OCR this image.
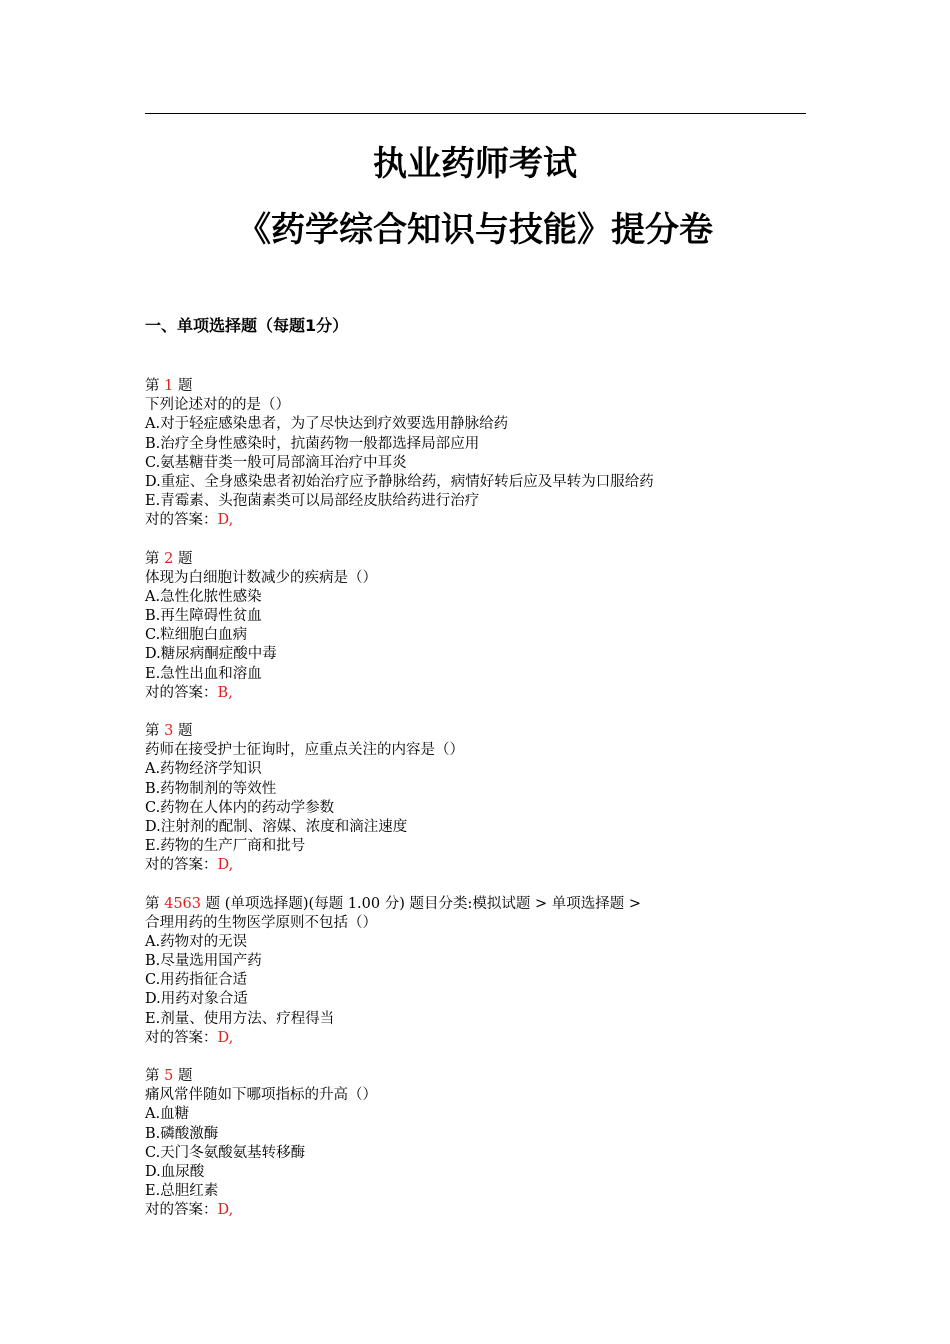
执业药师考试
《药学综合知识与技能》提分卷
一、单项选择题（每题1分）
第 1 题
下列论述对的的是（）
A.对于轻症感染患者，为了尽快达到疗效要选用静脉给药
B.治疗全身性感染时，抗菌药物一般都选择局部应用
C.氨基糖苷类一般可局部滴耳治疗中耳炎
D.重症、全身感染患者初始治疗应予静脉给药，病情好转后应及早转为口服给药
E.青霉素、头孢菌素类可以局部经皮肤给药进行治疗
对的答案：D,
第 2 题
体现为白细胞计数减少的疾病是（）
A.急性化脓性感染
B.再生障碍性贫血
C.粒细胞白血病
D.糖尿病酮症酸中毒
E.急性出血和溶血
对的答案：B,
第 3 题
药师在接受护士征询时，应重点关注的内容是（）
A.药物经济学知识
B.药物制剂的等效性
C.药物在人体内的药动学参数
D.注射剂的配制、溶媒、浓度和滴注速度
E.药物的生产厂商和批号
对的答案：D,
第 4563 题 (单项选择题)(每题 1.00 分) 题目分类:模拟试题 > 单项选择题 >
合理用药的生物医学原则不包括（）
A.药物对的无误
B.尽量选用国产药
C.用药指征合适
D.用药对象合适
E.剂量、使用方法、疗程得当
对的答案：D,
第 5 题
痛风常伴随如下哪项指标的升高（）
A.血糖
B.磷酸激酶
C.天门冬氨酸氨基转移酶
D.血尿酸
E.总胆红素
对的答案：D,
